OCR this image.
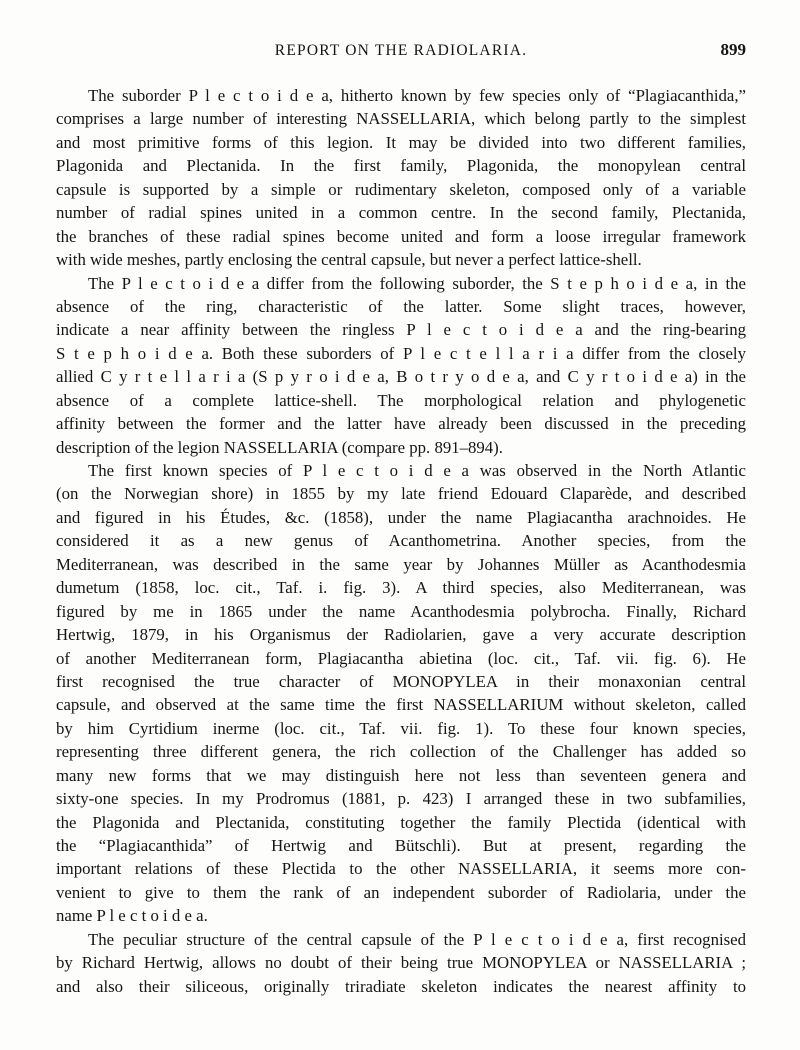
REPORT ON THE RADIOLARIA.	899
The suborder P l e c t o i d e a, hitherto known by few species only of “Plagiacanthida,”
comprises a large number of interesting NASSELLARIA, which belong partly to the simplest
and most primitive forms of this legion. It may be divided into two different families,
Plagonida and Plectanida. In the first family, Plagonida, the monopylean central
capsule is supported by a simple or rudimentary skeleton, composed only of a variable
number of radial spines united in a common centre. In the second family, Plectanida,
the branches of these radial spines become united and form a loose irregular framework
with wide meshes, partly enclosing the central capsule, but never a perfect lattice-shell.
The P l e c t o i d e a differ from the following suborder, the S t e p h o i d e a, in the
absence of the ring, characteristic of the latter. Some slight traces, however,
indicate a near affinity between the ringless P l e c t o i d e a and the ring-bearing
S t e p h o i d e a. Both these suborders of P l e c t e l l a r i a differ from the closely
allied C y r t e l l a r i a (S p y r o i d e a, B o t r y o d e a, and C y r t o i d e a) in the
absence of a complete lattice-shell. The morphological relation and phylogenetic
affinity between the former and the latter have already been discussed in the preceding
description of the legion NASSELLARIA (compare pp. 891–894).
The first known species of P l e c t o i d e a was observed in the North Atlantic
(on the Norwegian shore) in 1855 by my late friend Edouard Claparède, and described
and figured in his Études, &c. (1858), under the name Plagiacantha arachnoides. He
considered it as a new genus of Acanthometrina. Another species, from the
Mediterranean, was described in the same year by Johannes Müller as Acanthodesmia
dumetum (1858, loc. cit., Taf. i. fig. 3). A third species, also Mediterranean, was
figured by me in 1865 under the name Acanthodesmia polybrocha. Finally, Richard
Hertwig, 1879, in his Organismus der Radiolarien, gave a very accurate description
of another Mediterranean form, Plagiacantha abietina (loc. cit., Taf. vii. fig. 6). He
first recognised the true character of MONOPYLEA in their monaxonian central
capsule, and observed at the same time the first NASSELLARIUM without skeleton, called
by him Cyrtidium inerme (loc. cit., Taf. vii. fig. 1). To these four known species,
representing three different genera, the rich collection of the Challenger has added so
many new forms that we may distinguish here not less than seventeen genera and
sixty-one species. In my Prodromus (1881, p. 423) I arranged these in two subfamilies,
the Plagonida and Plectanida, constituting together the family Plectida (identical with
the “Plagiacanthida” of Hertwig and Bütschli). But at present, regarding the
important relations of these Plectida to the other NASSELLARIA, it seems more con-
venient to give to them the rank of an independent suborder of Radiolaria, under the
name P l e c t o i d e a.
The peculiar structure of the central capsule of the P l e c t o i d e a, first recognised
by Richard Hertwig, allows no doubt of their being true MONOPYLEA or NASSELLARIA ;
and also their siliceous, originally triradiate skeleton indicates the nearest affinity to
